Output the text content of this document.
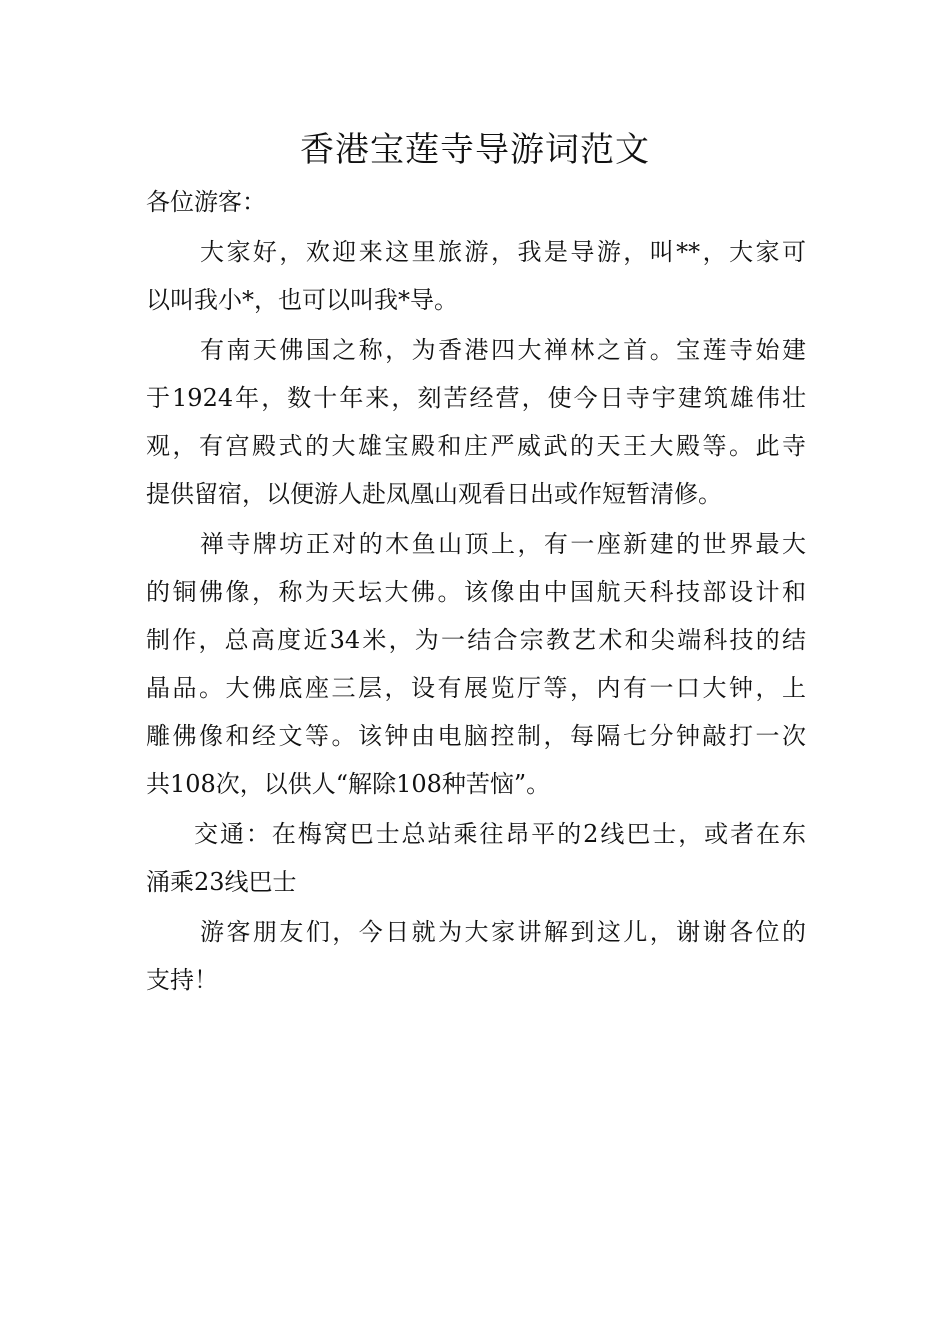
香港宝莲寺导游词范文

各位游客：

大家好，欢迎来这里旅游，我是导游，叫**，大家可

以叫我小*，也可以叫我*导。

有南天佛国之称，为香港四大禅林之首。宝莲寺始建

于1924年，数十年来，刻苦经营，使今日寺宇建筑雄伟壮

观，有宫殿式的大雄宝殿和庄严威武的天王大殿等。此寺

提供留宿，以便游人赴凤凰山观看日出或作短暂清修。

禅寺牌坊正对的木鱼山顶上，有一座新建的世界最大

的铜佛像，称为天坛大佛。该像由中国航天科技部设计和

制作，总高度近34米，为一结合宗教艺术和尖端科技的结

晶品。大佛底座三层，设有展览厅等，内有一口大钟，上

雕佛像和经文等。该钟由电脑控制，每隔七分钟敲打一次

共108次，以供人“解除108种苦恼”。

交通：在梅窝巴士总站乘往昂平的2线巴士，或者在东

涌乘23线巴士

游客朋友们，今日就为大家讲解到这儿，谢谢各位的

支持！
